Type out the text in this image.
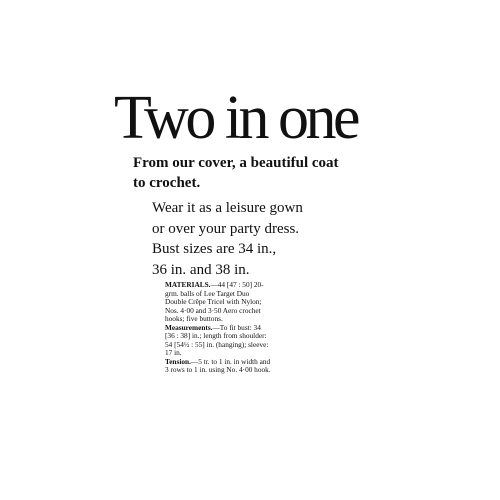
Two in one

From our cover, a beautiful coat
to crochet.

Wear it as a leisure gown
or over your party dress.
Bust sizes are 34 in.,
36 in. and 38 in.

MATERIALS.—44 [47 : 50] 20-
grm. balls of Lee Target Duo
Double Crêpe Tricel with Nylon;
Nos. 4·00 and 3·50 Aero crochet
hooks; five buttons.
Measurements.—To fit bust: 34
[36 : 38] in.; length from shoulder:
54 [54½ : 55] in. (hanging); sleeve:
17 in.
Tension.—5 tr. to 1 in. in width and
3 rows to 1 in. using No. 4·00 hook.
